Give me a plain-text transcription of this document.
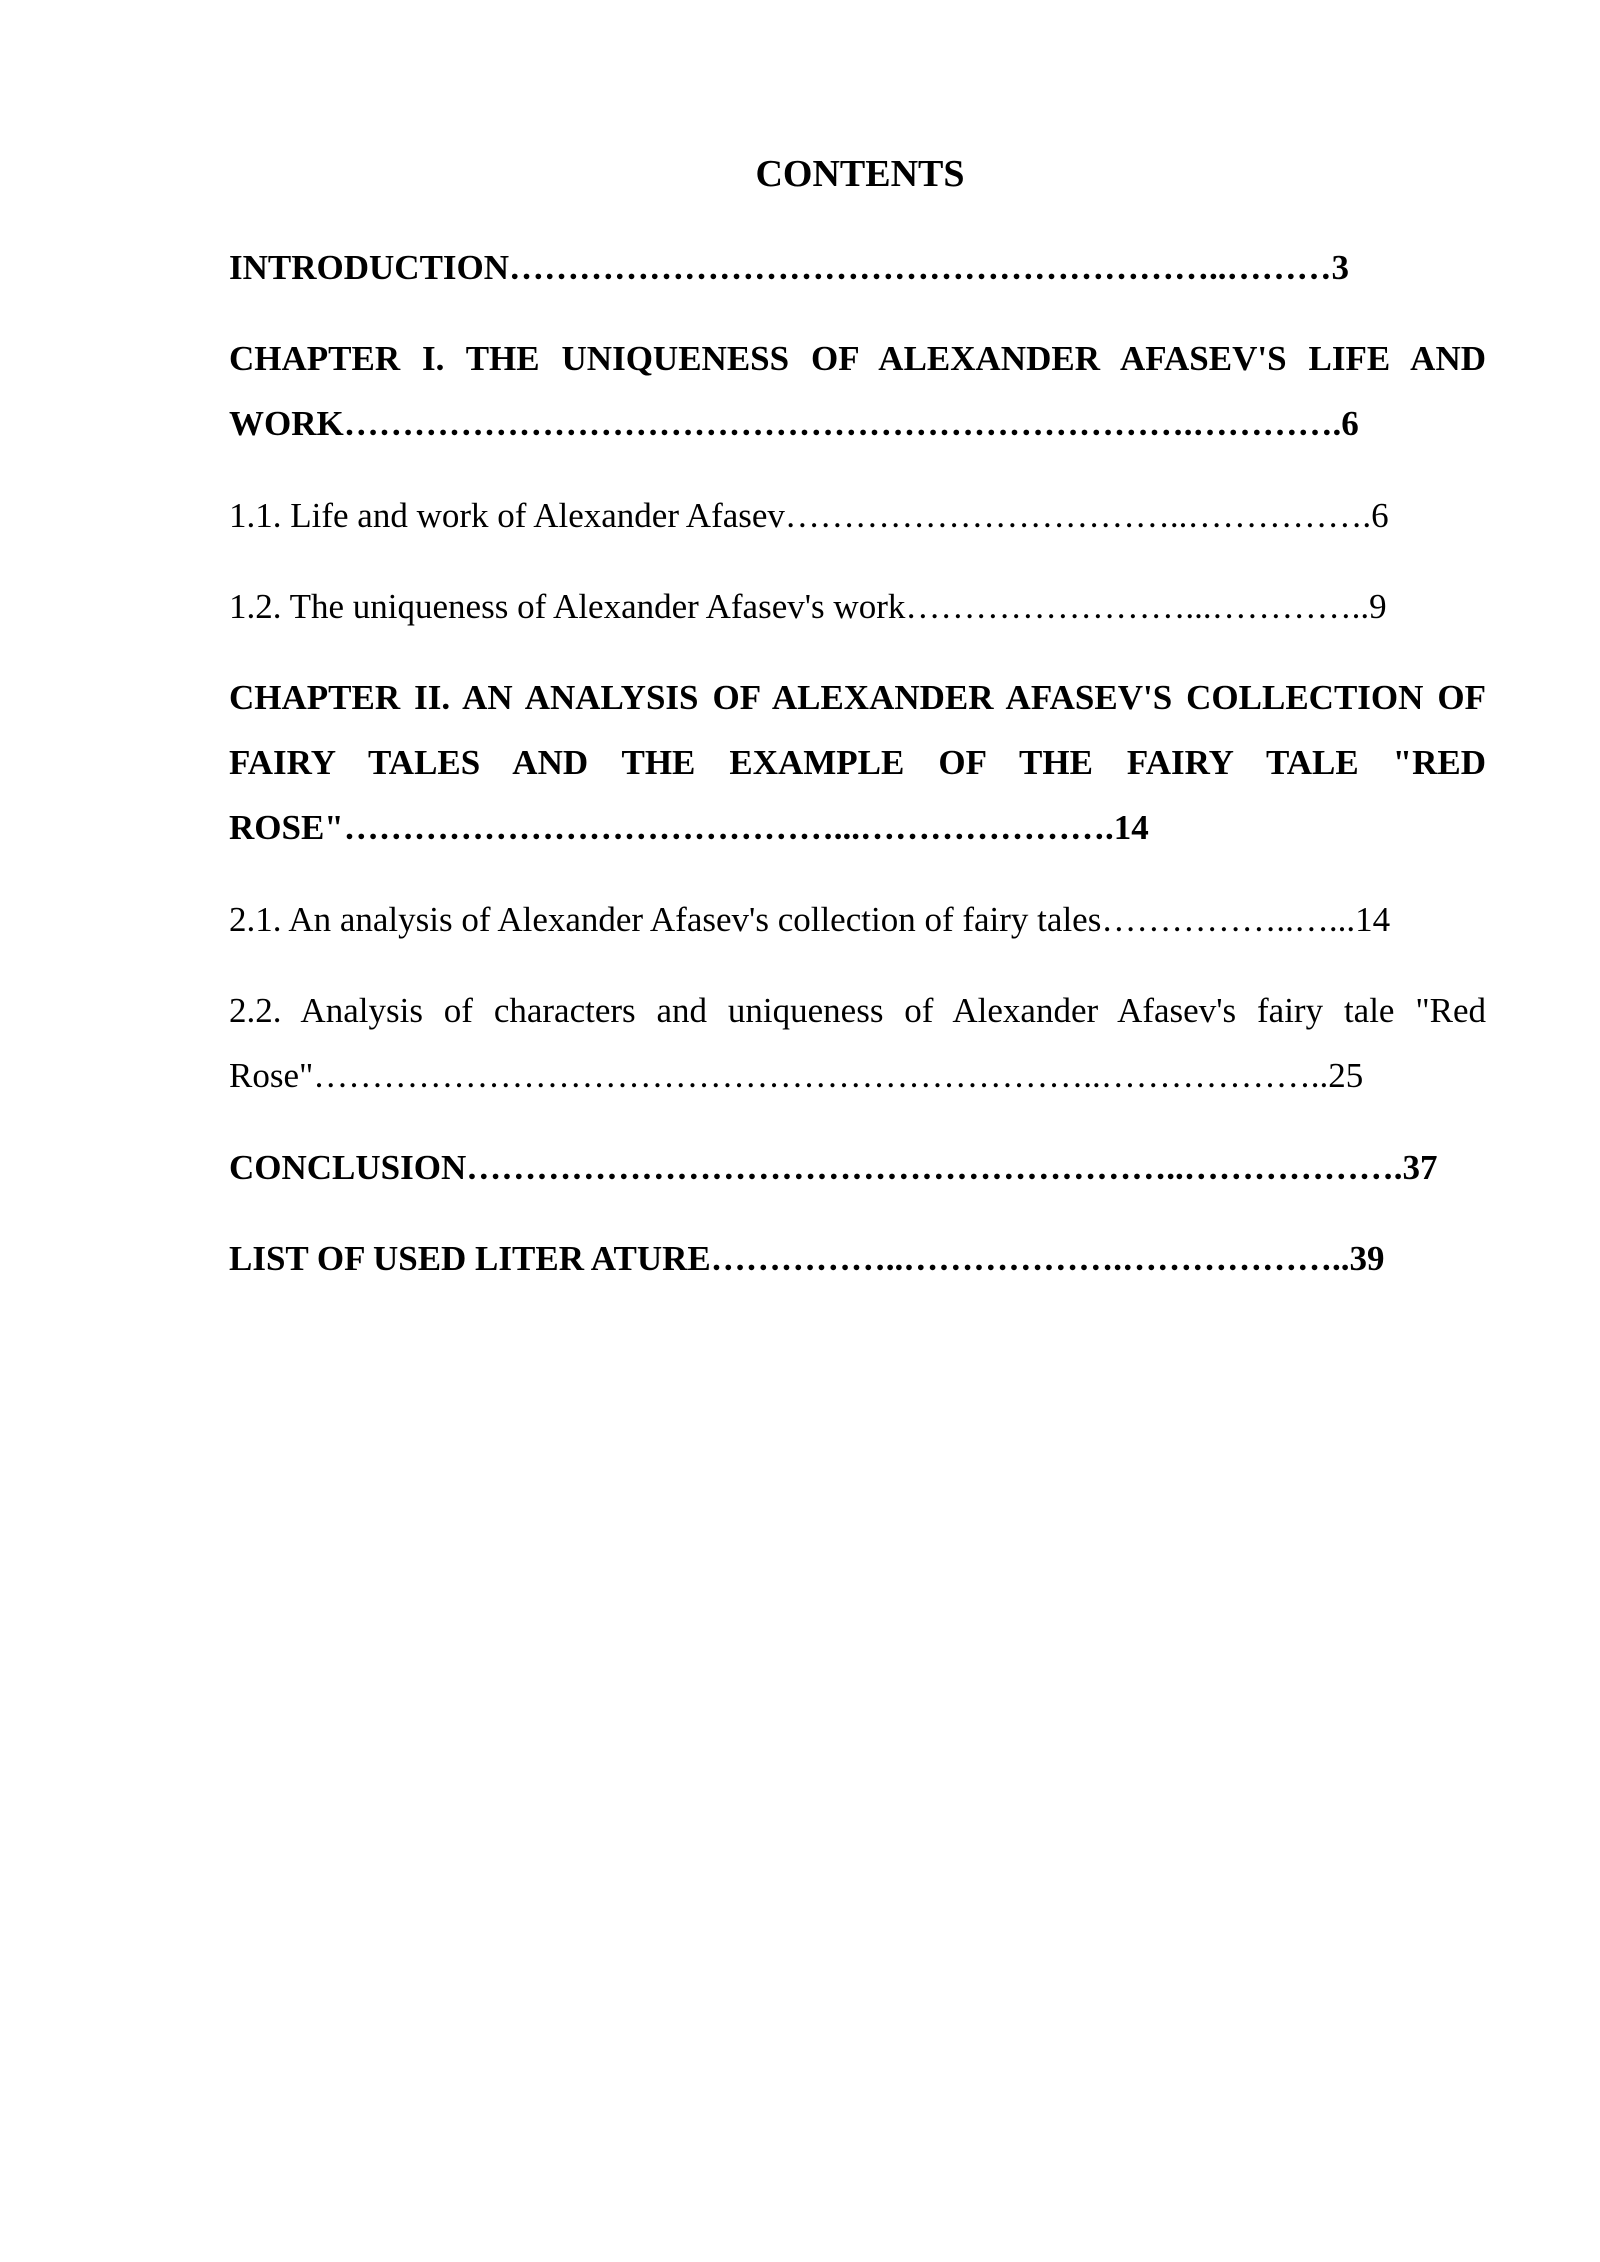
CONTENTS

INTRODUCTION……………………………………………………..………3

CHAPTER I. THE UNIQUENESS OF ALEXANDER AFASEV'S LIFE AND WORK……………………………………………………………….………….6

1.1. Life and work of Alexander Afasev……………………………..…………….6

1.2. The uniqueness of Alexander Afasev's work……………………...…………..9

CHAPTER II. AN ANALYSIS OF ALEXANDER AFASEV'S COLLECTION OF FAIRY TALES AND THE EXAMPLE OF THE FAIRY TALE "RED ROSE"……………………………………...………………….14

2.1. An analysis of Alexander Afasev's collection of fairy tales……………..…...14

2.2. Analysis of characters and uniqueness of Alexander Afasev's fairy tale "Red Rose"…………………………………………………………..………………..25

CONCLUSION……………………………………………………..……………….37

LIST OF USED LITER ATURE……………..……………….………………..39
